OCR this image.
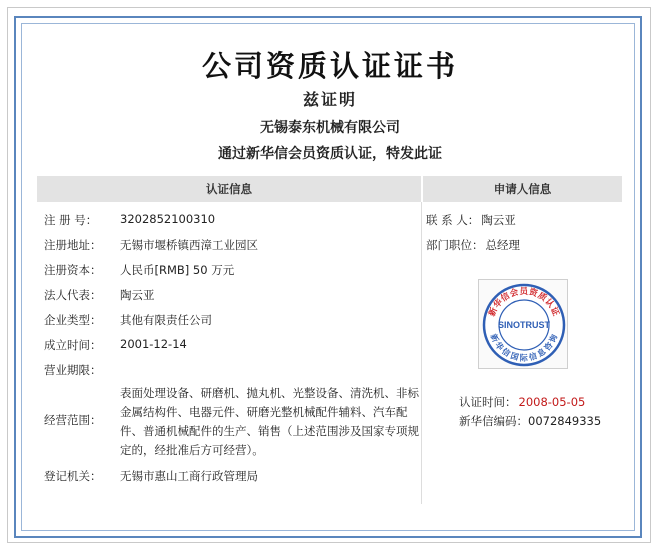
公司资质认证证书
兹证明
无锡泰东机械有限公司
通过新华信会员资质认证，特发此证
认证信息	申请人信息
注 册 号：	3202852100310
注册地址：	无锡市堰桥镇西漳工业园区
注册资本：	人民币[RMB] 50 万元
法人代表：	陶云亚
企业类型：	其他有限责任公司
成立时间：	2001-12-14
营业期限：
经营范围：
表面处理设备、研磨机、抛丸机、光整设备、清洗机、非标金属结构件、电器元件、研磨光整机械配件辅料、汽车配件、普通机械配件的生产、销售（上述范围涉及国家专项规定的，经批准后方可经营）。
登记机关：	无锡市惠山工商行政管理局
联 系 人： 陶云亚
部门职位： 总经理
新华信会员资质认证
新华信国际信息咨询
SINOTRUST
认证时间： 2008-05-05
新华信编码：0072849335
